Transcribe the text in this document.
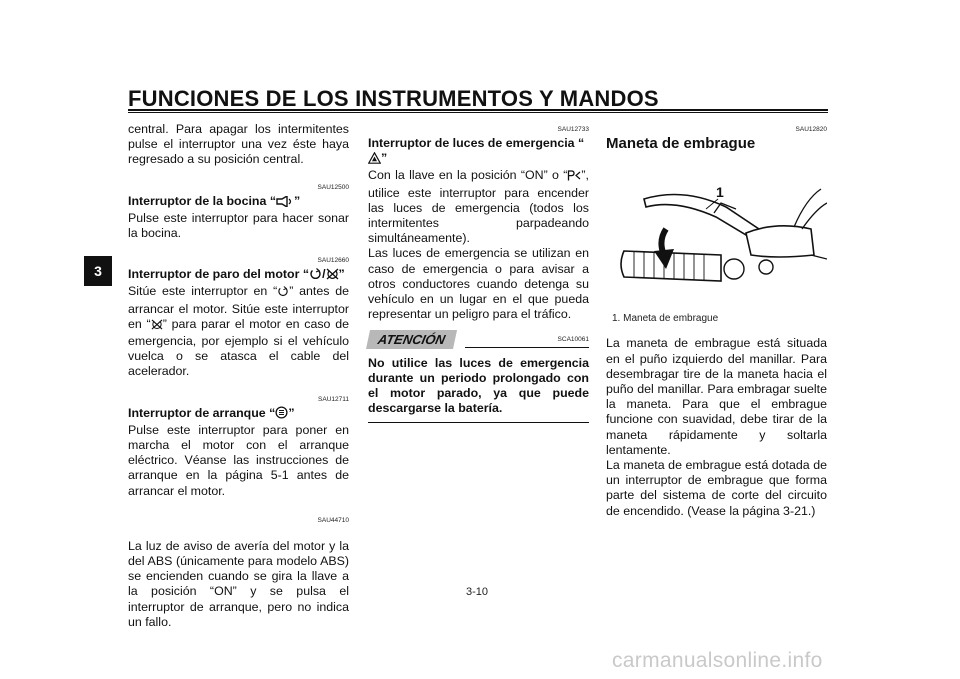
FUNCIONES DE LOS INSTRUMENTOS Y MANDOS
3

central. Para apagar los intermitentes pulse el interruptor una vez éste haya regresado a su posición central.

SAU12500

Interruptor de la bocina “ ”

Pulse este interruptor para hacer sonar la bocina.

SAU12660

Interruptor de paro del motor “ / ”

Sitúe este interruptor en “ ” antes de arrancar el motor. Sitúe este interruptor en “ ” para parar el motor en caso de emergencia, por ejemplo si el vehículo vuelca o se atasca el cable del acelerador.

SAU12711

Interruptor de arranque “ ”

Pulse este interruptor para poner en marcha el motor con el arranque eléctrico. Véanse las instrucciones de arranque en la página 5-1 antes de arrancar el motor.

SAU44710

La luz de aviso de avería del motor y la del ABS (únicamente para modelo ABS) se encienden cuando se gira la llave a la posición “ON” y se pulsa el interruptor de arranque, pero no indica un fallo.

SAU12733

Interruptor de luces de emergencia “”

Con la llave en la posición “ON” o “ ”, utilice este interruptor para encender las luces de emergencia (todos los intermitentes parpadeando simultáneamente).

Las luces de emergencia se utilizan en caso de emergencia o para avisar a otros conductores cuando detenga su vehículo en un lugar en el que pueda representar un peligro para el tráfico.

ATENCIÓN	SCA10061

No utilice las luces de emergencia durante un periodo prolongado con el motor parado, ya que puede descargarse la batería.

SAU12820
Maneta de embrague
1
1. Maneta de embrague

La maneta de embrague está situada en el puño izquierdo del manillar. Para desembragar tire de la maneta hacia el puño del manillar. Para embragar suelte la maneta. Para que el embrague funcione con suavidad, debe tirar de la maneta rápidamente y soltarla lentamente.

La maneta de embrague está dotada de un interruptor de embrague que forma parte del sistema de corte del circuito de encendido. (Vease la página 3-21.)

3-10
carmanualsonline.info
